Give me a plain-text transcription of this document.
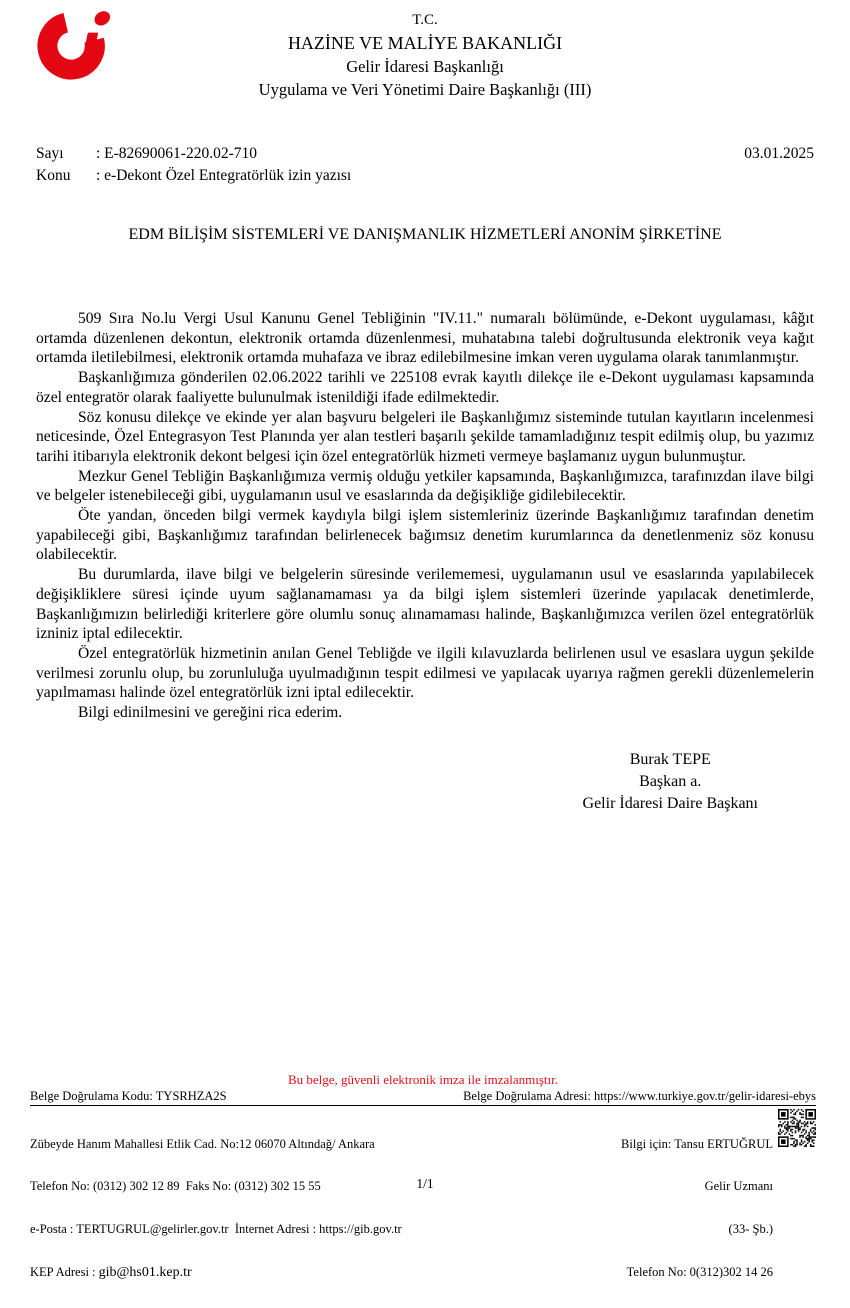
T.C.
HAZİNE VE MALİYE BAKANLIĞI
Gelir İdaresi Başkanlığı
Uygulama ve Veri Yönetimi Daire Başkanlığı (III)
Sayı	: E-82690061-220.02-710	03.01.2025
Konu	: e-Dekont Özel Entegratörlük izin yazısı
EDM BİLİŞİM SİSTEMLERİ VE DANIŞMANLIK HİZMETLERİ ANONİM ŞİRKETİNE

509 Sıra No.lu Vergi Usul Kanunu Genel Tebliğinin "IV.11." numaralı bölümünde, e-Dekont uygulaması, kâğıt ortamda düzenlenen dekontun, elektronik ortamda düzenlenmesi, muhatabına talebi doğrultusunda elektronik veya kağıt ortamda iletilebilmesi, elektronik ortamda muhafaza ve ibraz edilebilmesine imkan veren uygulama olarak tanımlanmıştır.

Başkanlığımıza gönderilen 02.06.2022 tarihli ve 225108 evrak kayıtlı dilekçe ile e-Dekont uygulaması kapsamında özel entegratör olarak faaliyette bulunulmak istenildiği ifade edilmektedir.

Söz konusu dilekçe ve ekinde yer alan başvuru belgeleri ile Başkanlığımız sisteminde tutulan kayıtların incelenmesi neticesinde, Özel Entegrasyon Test Planında yer alan testleri başarılı şekilde tamamladığınız tespit edilmiş olup, bu yazımız tarihi itibarıyla elektronik dekont belgesi için özel entegratörlük hizmeti vermeye başlamanız uygun bulunmuştur.

Mezkur Genel Tebliğin Başkanlığımıza vermiş olduğu yetkiler kapsamında, Başkanlığımızca, tarafınızdan ilave bilgi ve belgeler istenebileceği gibi, uygulamanın usul ve esaslarında da değişikliğe gidilebilecektir.

Öte yandan, önceden bilgi vermek kaydıyla bilgi işlem sistemleriniz üzerinde Başkanlığımız tarafından denetim yapabileceği gibi, Başkanlığımız tarafından belirlenecek bağımsız denetim kurumlarınca da denetlenmeniz söz konusu olabilecektir.

Bu durumlarda, ilave bilgi ve belgelerin süresinde verilememesi, uygulamanın usul ve esaslarında yapılabilecek değişikliklere süresi içinde uyum sağlanamaması ya da bilgi işlem sistemleri üzerinde yapılacak denetimlerde, Başkanlığımızın belirlediği kriterlere göre olumlu sonuç alınamaması halinde, Başkanlığımızca verilen özel entegratörlük izniniz iptal edilecektir.

Özel entegratörlük hizmetinin anılan Genel Tebliğde ve ilgili kılavuzlarda belirlenen usul ve esaslara uygun şekilde verilmesi zorunlu olup, bu zorunluluğa uyulmadığının tespit edilmesi ve yapılacak uyarıya rağmen gerekli düzenlemelerin yapılmaması halinde özel entegratörlük izni iptal edilecektir.

Bilgi edinilmesini ve gereğini rica ederim.

Burak TEPE
Başkan a.
Gelir İdaresi Daire Başkanı
Bu belge, güvenli elektronik imza ile imzalanmıştır.
Belge Doğrulama Kodu: TYSRHZA2S	Belge Doğrulama Adresi: https://www.turkiye.gov.tr/gelir-idaresi-ebys

Zübeyde Hanım Mahallesi Etlik Cad. No:12 06070 Altındağ/ Ankara

Telefon No: (0312) 302 12 89  Faks No: (0312) 302 15 55

e-Posta : TERTUGRUL@gelirler.gov.tr  İnternet Adresi : https://gib.gov.tr

KEP Adresi : gib@hs01.kep.tr

Bilgi için: Tansu ERTUĞRUL

Gelir Uzmanı

(33- Şb.)

Telefon No: 0(312)302 14 26

1/1
